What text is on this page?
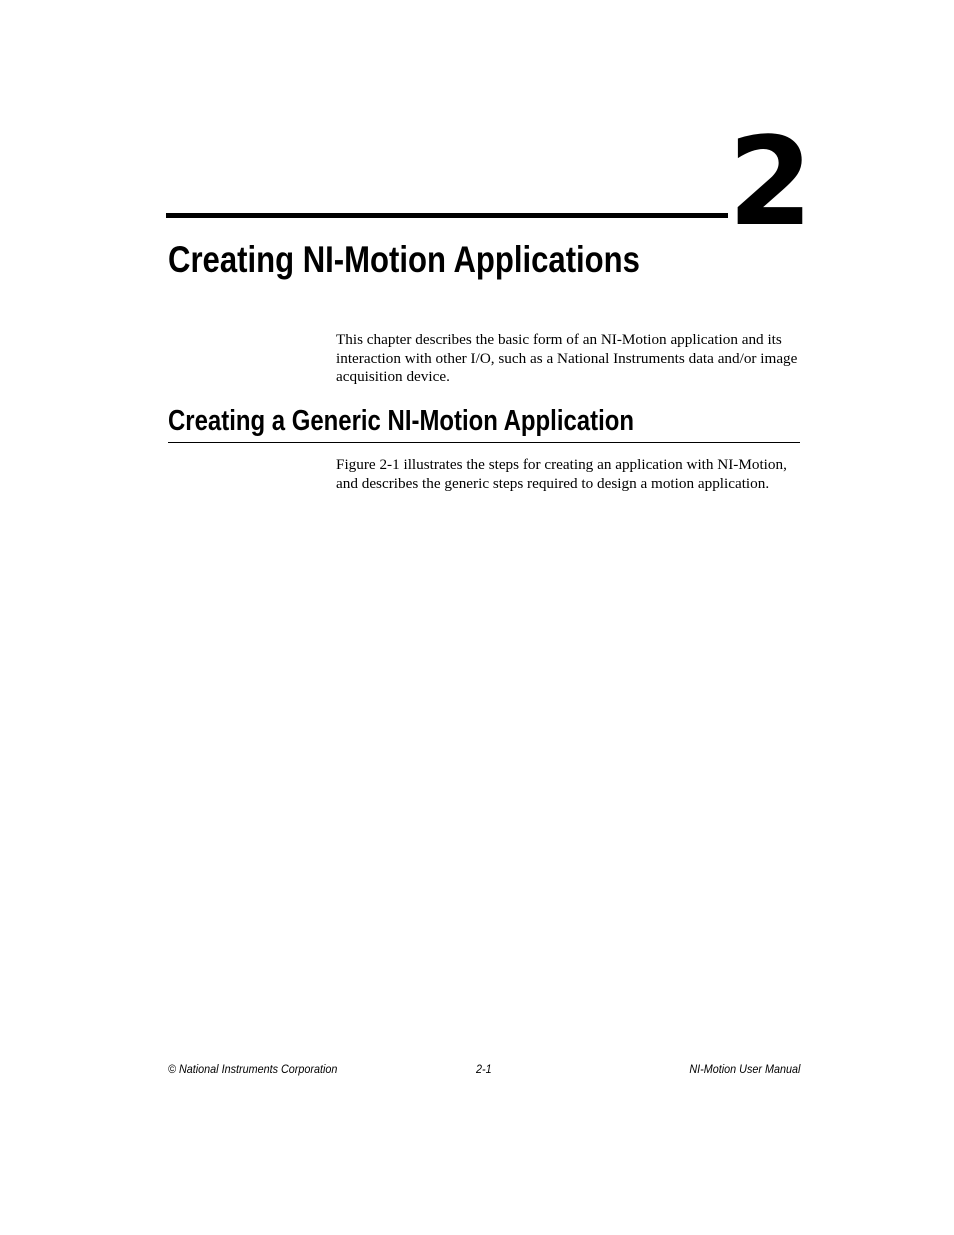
2
Creating NI-Motion Applications

This chapter describes the basic form of an NI-Motion application and its interaction with other I/O, such as a National Instruments data and/or image acquisition device.

Creating a Generic NI-Motion Application

Figure 2-1 illustrates the steps for creating an application with NI-Motion, and describes the generic steps required to design a motion application.

© National Instruments Corporation	2-1	NI-Motion User Manual
